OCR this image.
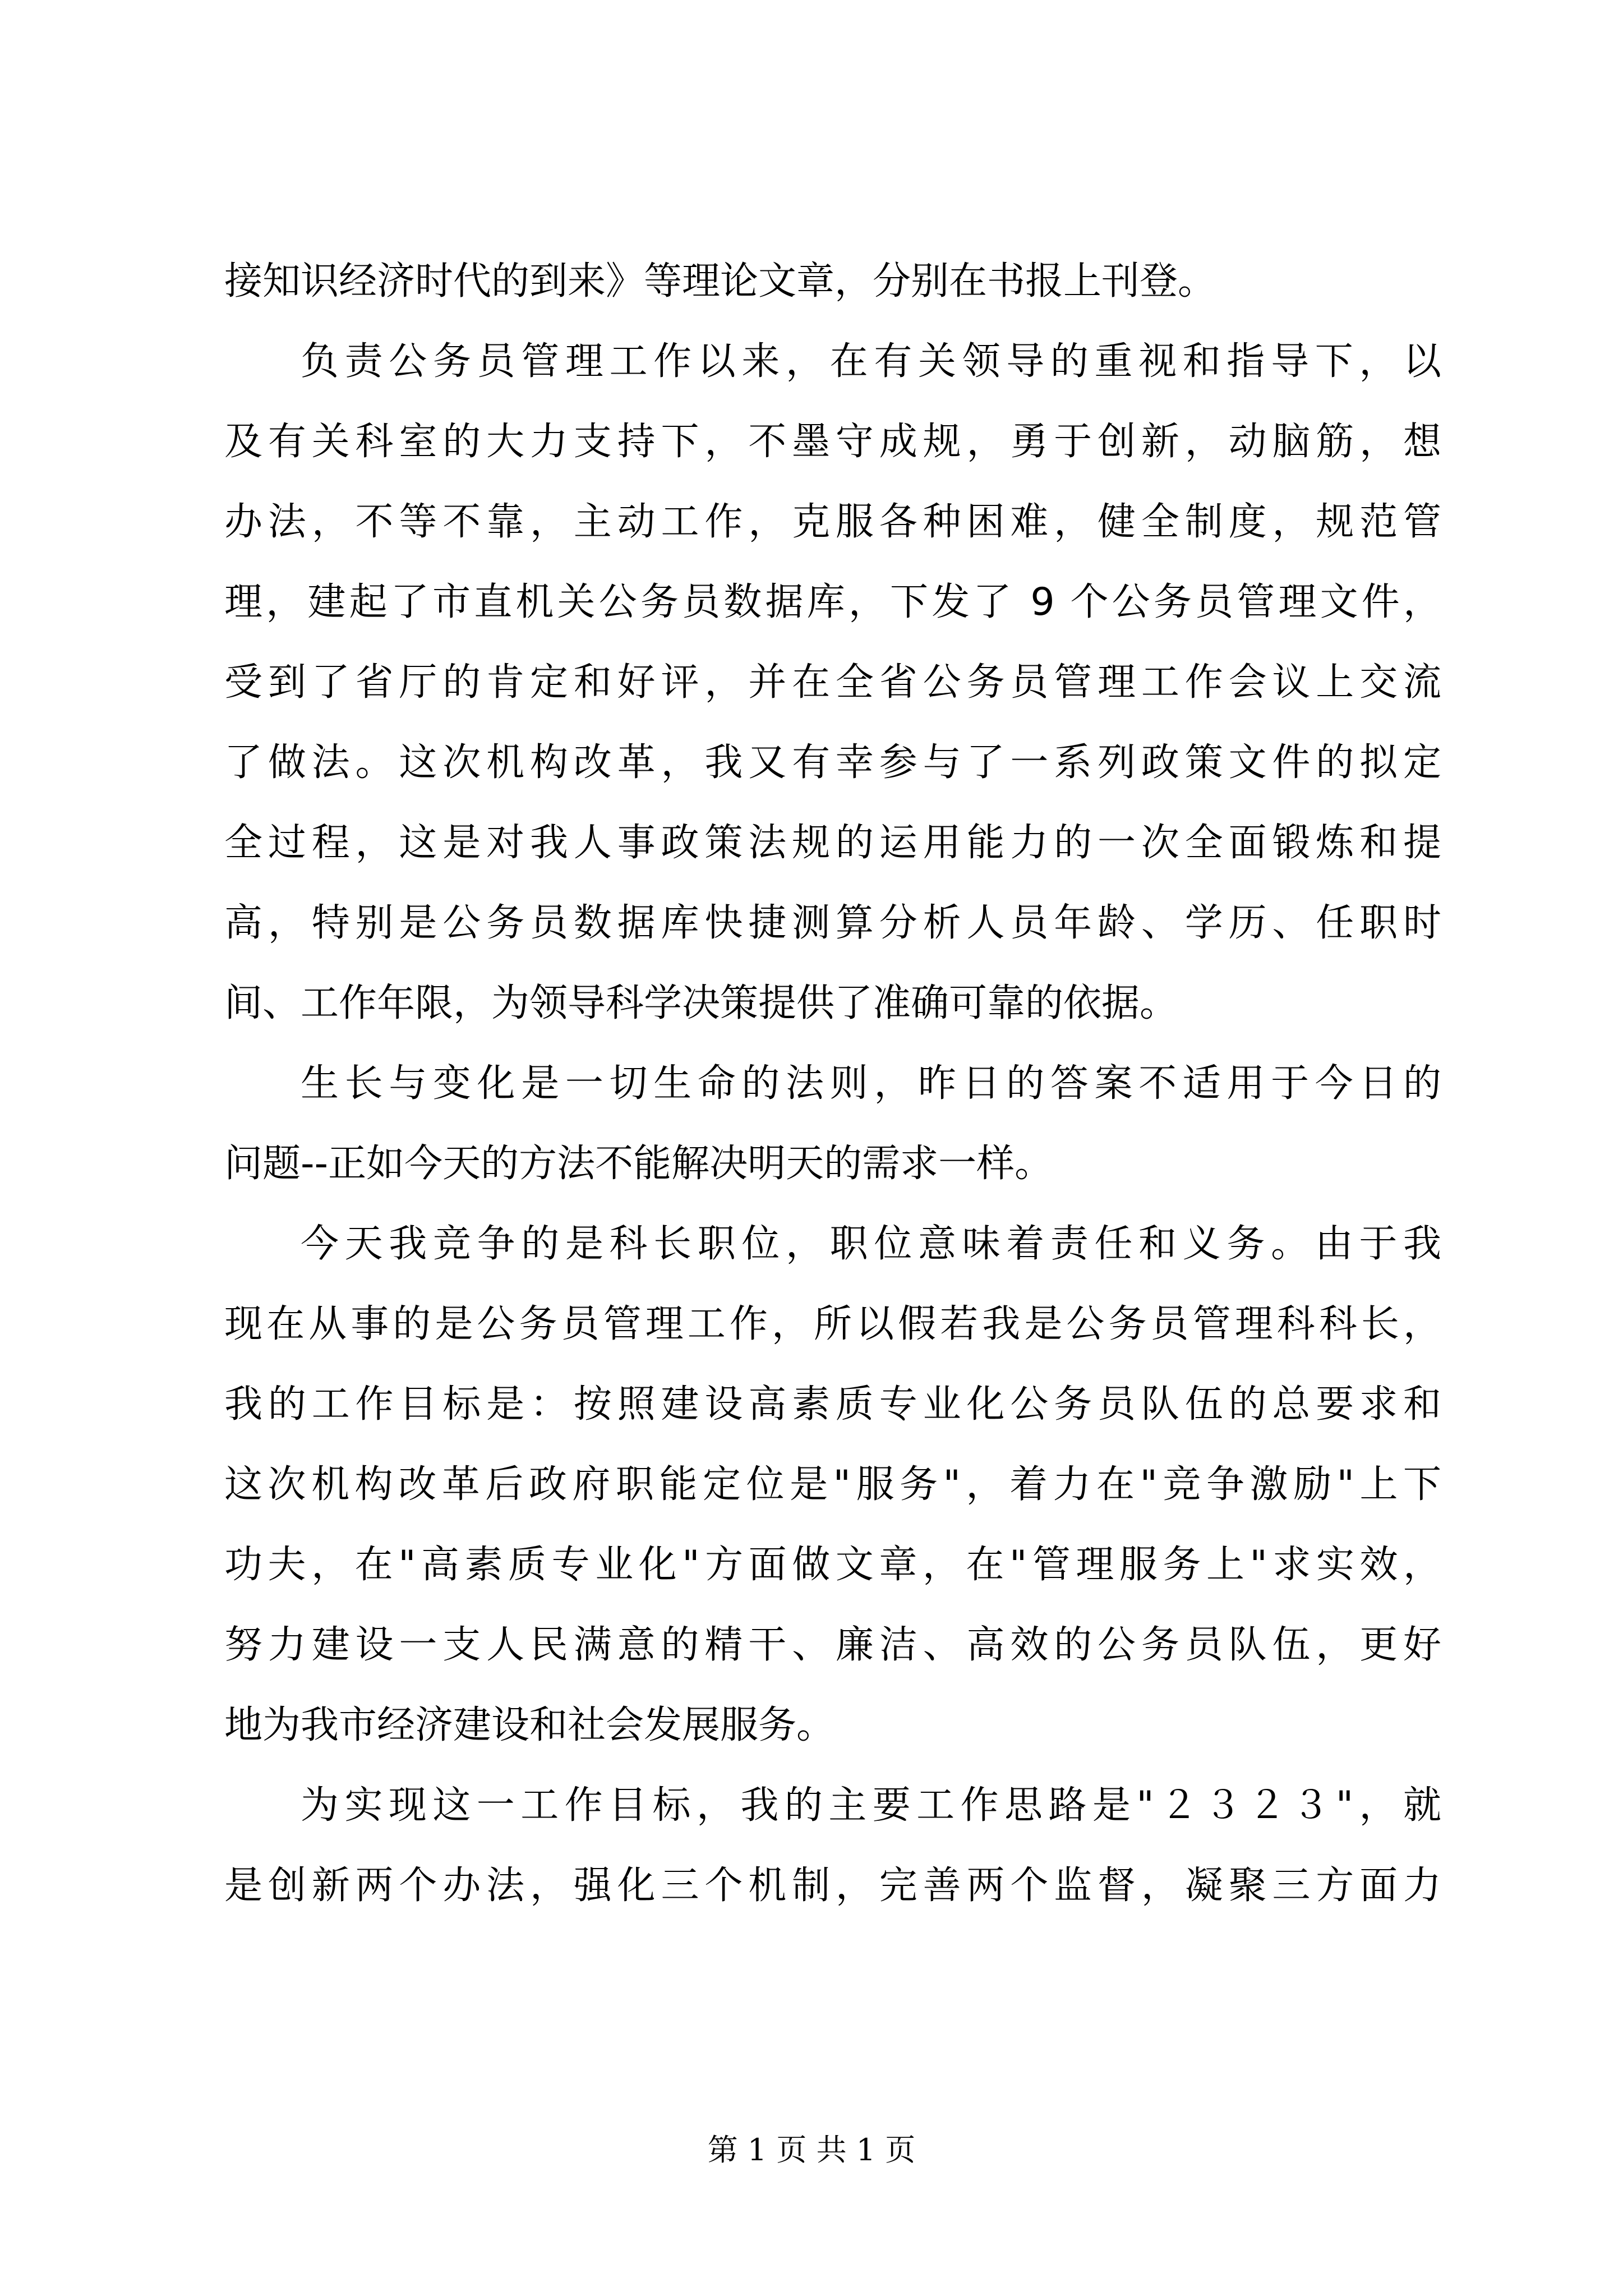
接知识经济时代的到来》等理论文章，分别在书报上刊登。
负责公务员管理工作以来，在有关领导的重视和指导下，以
及有关科室的大力支持下，不墨守成规，勇于创新，动脑筋，想
办法，不等不靠，主动工作，克服各种困难，健全制度，规范管
理，建起了市直机关公务员数据库，下发了 9 个公务员管理文件，
受到了省厅的肯定和好评，并在全省公务员管理工作会议上交流
了做法。这次机构改革，我又有幸参与了一系列政策文件的拟定
全过程，这是对我人事政策法规的运用能力的一次全面锻炼和提
高，特别是公务员数据库快捷测算分析人员年龄、学历、任职时
间、工作年限，为领导科学决策提供了准确可靠的依据。
生长与变化是一切生命的法则，昨日的答案不适用于今日的
问题--正如今天的方法不能解决明天的需求一样。
今天我竞争的是科长职位，职位意味着责任和义务。由于我
现在从事的是公务员管理工作，所以假若我是公务员管理科科长，
我的工作目标是：按照建设高素质专业化公务员队伍的总要求和
这次机构改革后政府职能定位是"服务"，着力在"竞争激励"上下
功夫，在"高素质专业化"方面做文章，在"管理服务上"求实效，
努力建设一支人民满意的精干、廉洁、高效的公务员队伍，更好
地为我市经济建设和社会发展服务。
为实现这一工作目标，我的主要工作思路是"２３２３"，就
是创新两个办法，强化三个机制，完善两个监督，凝聚三方面力
第 1 页 共 1 页
